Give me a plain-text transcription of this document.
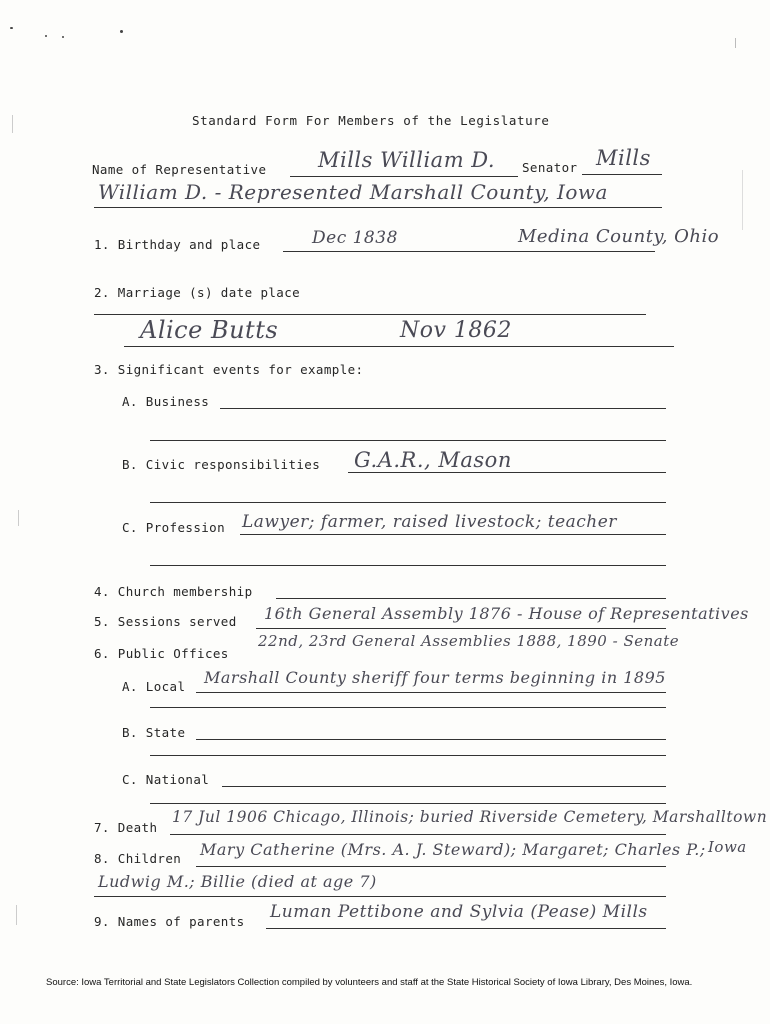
Standard Form For Members of the Legislature
Name of Representative Mills William D. Senator Mills
William D. - Represented Marshall County, Iowa
1. Birthday and place	Dec 1838	Medina County, Ohio
2. Marriage (s) date place
Alice Butts	Nov 1862
3. Significant events for example:
A. Business
B. Civic responsibilities G.A.R., Mason
C. Profession Lawyer; farmer, raised livestock; teacher
4. Church membership
5. Sessions served 16th General Assembly 1876 - House of Representatives
22nd, 23rd General Assemblies 1888, 1890 - Senate
6. Public Offices
A. Local Marshall County sheriff four terms beginning in 1895
B. State
C. National
7. Death
17 Jul 1906 Chicago, Illinois; buried Riverside Cemetery, Marshalltown
Iowa
8. Children Mary Catherine (Mrs. A. J. Steward); Margaret; Charles P.;
Ludwig M.; Billie (died at age 7)
9. Names of parents Luman Pettibone and Sylvia (Pease) Mills
Source: Iowa Territorial and State Legislators Collection compiled by volunteers and staff at the State Historical Society of Iowa Library, Des Moines, Iowa.
